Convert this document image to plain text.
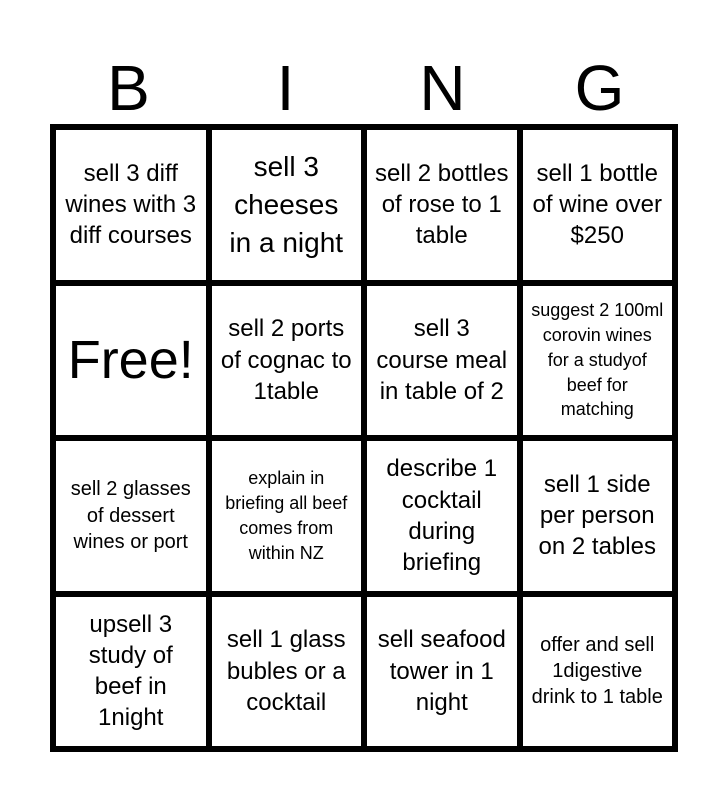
B	I	N	G
sell 3 diff wines with 3 diff courses
sell 3 cheeses in a night
sell 2 bottles of rose to 1 table
sell 1 bottle of wine over $250
Free!
sell 2 ports of cognac to 1table
sell 3 course meal in table of 2
suggest 2 100ml corovin wines for a studyof beef for matching
sell 2 glasses of dessert wines or port
explain in briefing all beef comes from within NZ
describe 1 cocktail during briefing
sell 1 side per person on 2 tables
upsell 3 study of beef in 1night
sell 1 glass bubles or a cocktail
sell seafood tower in 1 night
offer and sell 1digestive drink to 1 table
